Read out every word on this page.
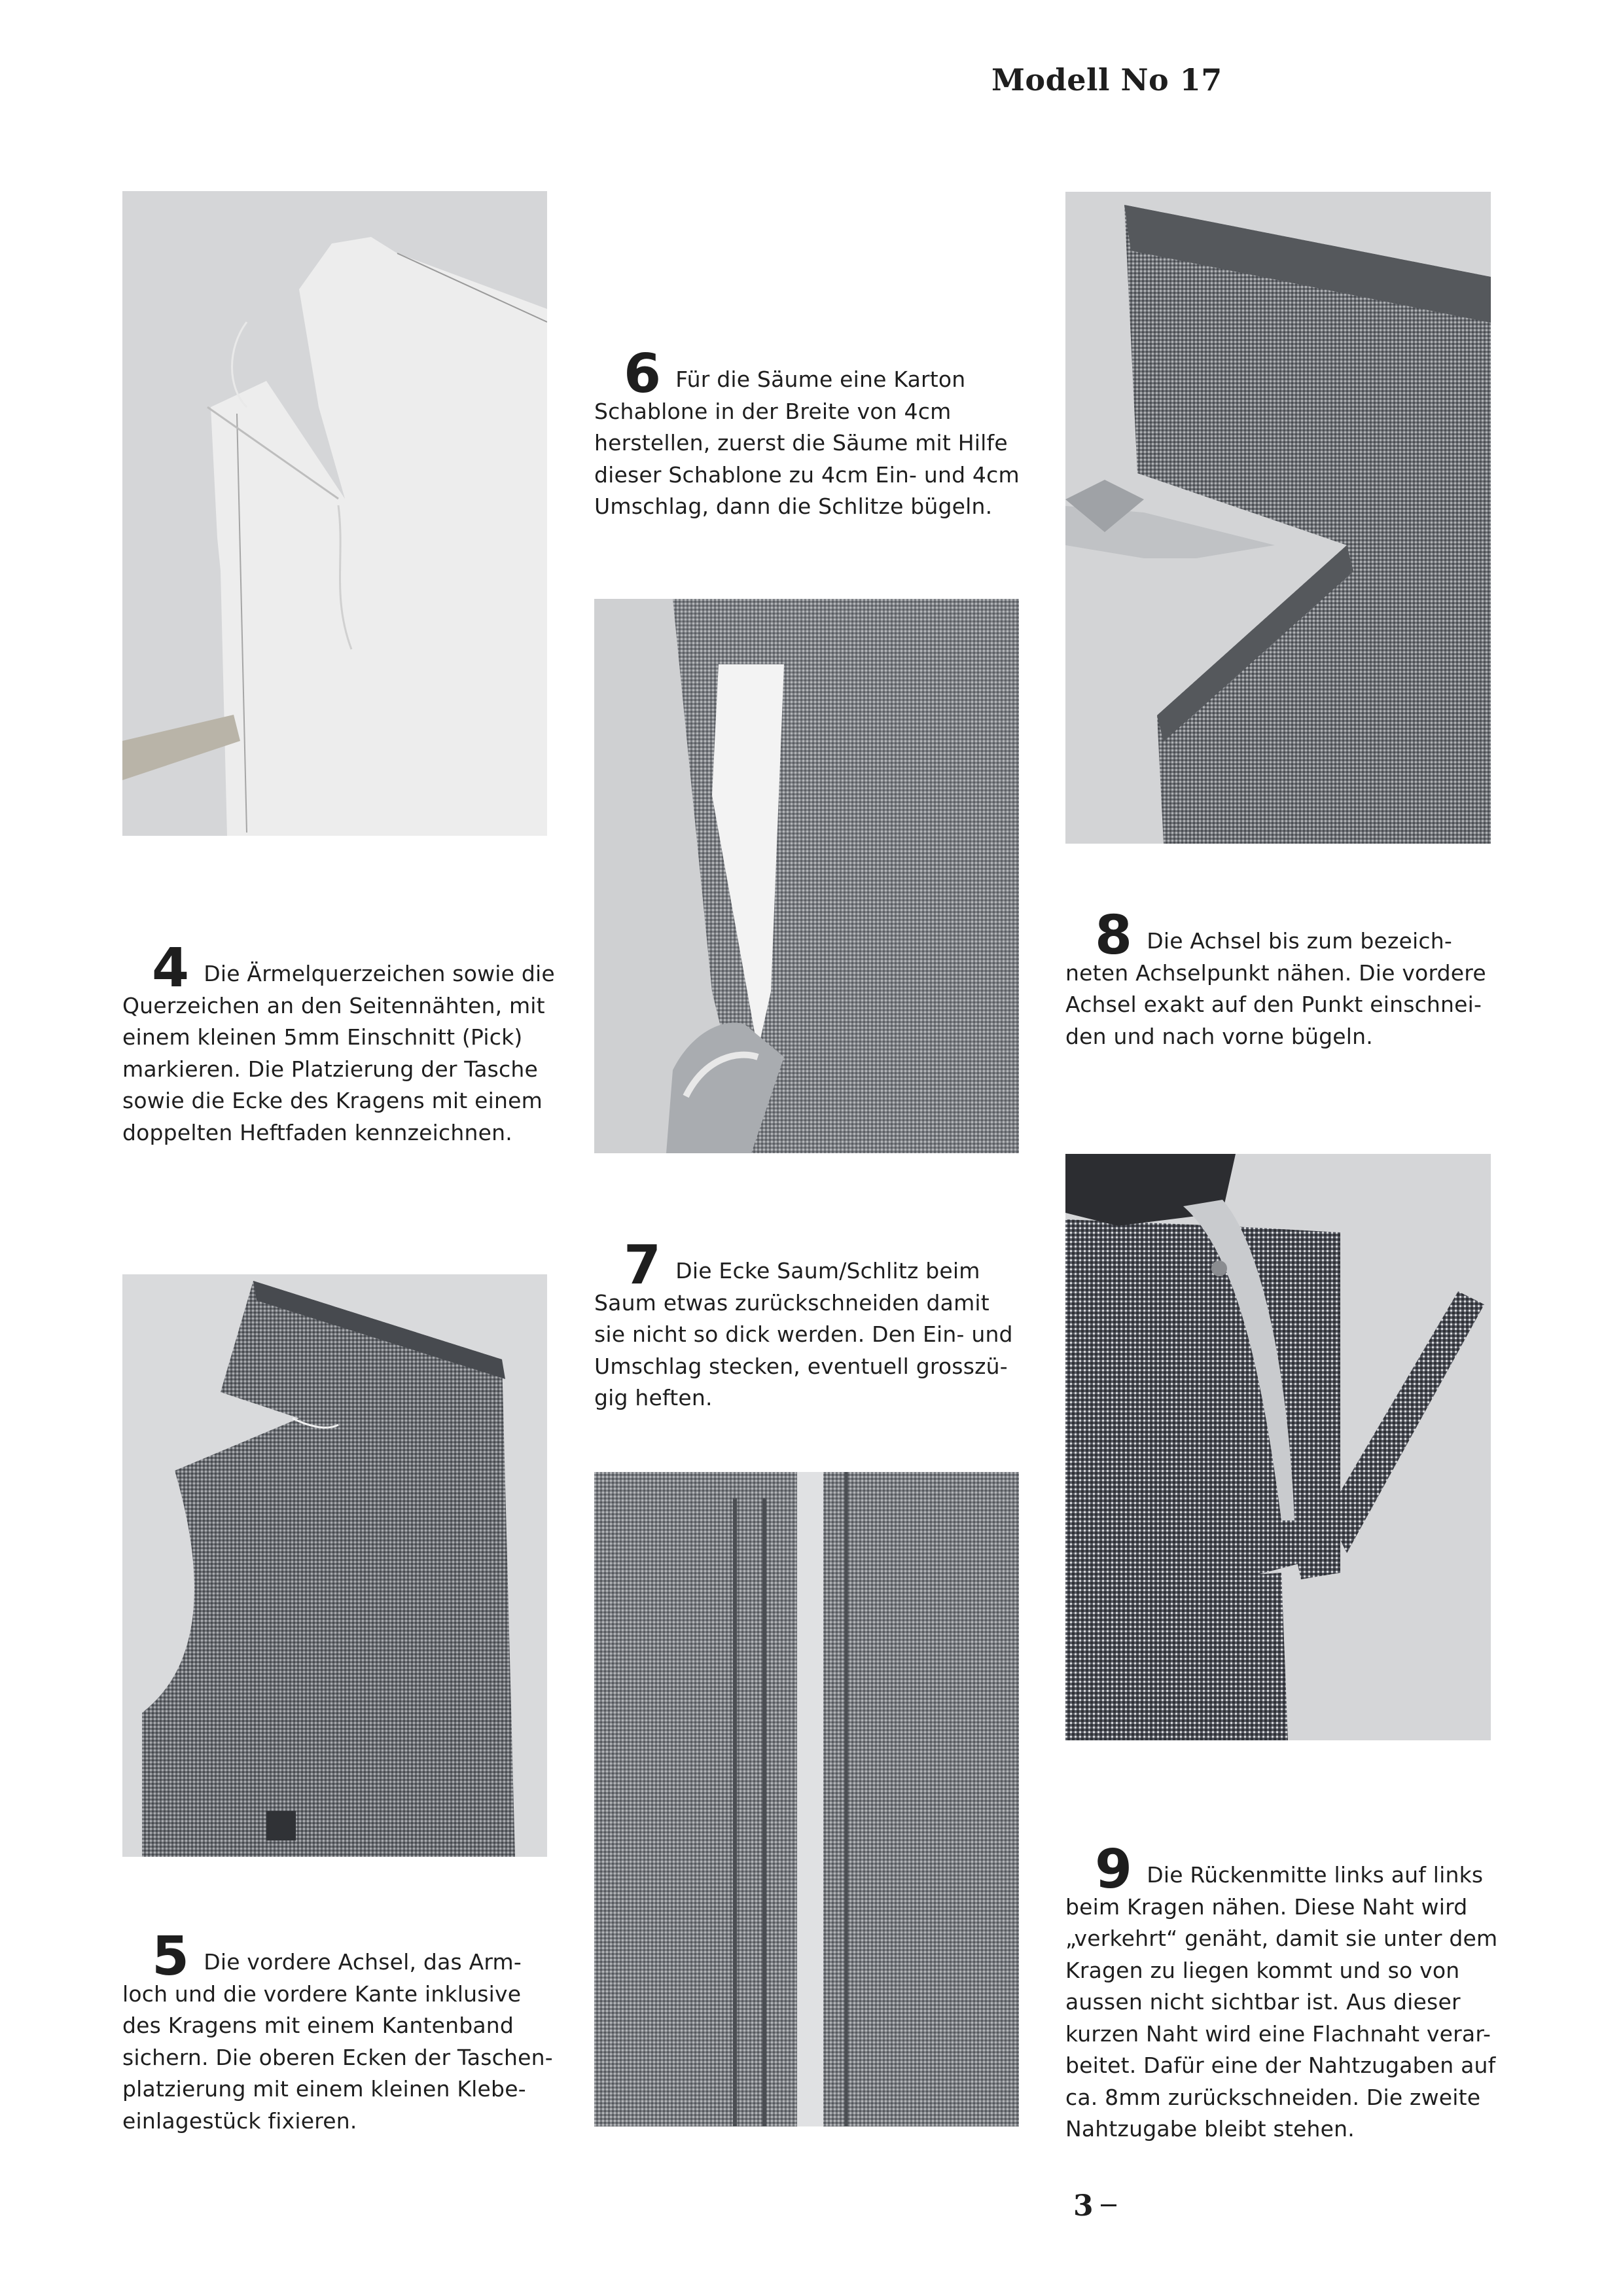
Modell No 17

6 Für die Säume eine Karton
Schablone in der Breite von 4cm
herstellen, zuerst die Säume mit Hilfe
dieser Schablone zu 4cm Ein- und 4cm
Umschlag, dann die Schlitze bügeln.

4 Die Ärmelquerzeichen sowie die
Querzeichen an den Seitennähten, mit
einem kleinen 5mm Einschnitt (Pick)
markieren. Die Platzierung der Tasche
sowie die Ecke des Kragens mit einem
doppelten Heftfaden kennzeichnen.

8 Die Achsel bis zum bezeich-
neten Achselpunkt nähen. Die vordere
Achsel exakt auf den Punkt einschnei-
den und nach vorne bügeln.

7 Die Ecke Saum/Schlitz beim
Saum etwas zurückschneiden damit
sie nicht so dick werden. Den Ein- und
Umschlag stecken, eventuell grosszü-
gig heften.

5 Die vordere Achsel, das Arm-
loch und die vordere Kante inklusive
des Kragens mit einem Kantenband
sichern. Die oberen Ecken der Taschen-
platzierung mit einem kleinen Klebe-
einlagestück fixieren.

9 Die Rückenmitte links auf links
beim Kragen nähen. Diese Naht wird
„verkehrt“ genäht, damit sie unter dem
Kragen zu liegen kommt und so von
aussen nicht sichtbar ist. Aus dieser
kurzen Naht wird eine Flachnaht verar-
beitet. Dafür eine der Nahtzugaben auf
ca. 8mm zurückschneiden. Die zweite
Nahtzugabe bleibt stehen.

3
